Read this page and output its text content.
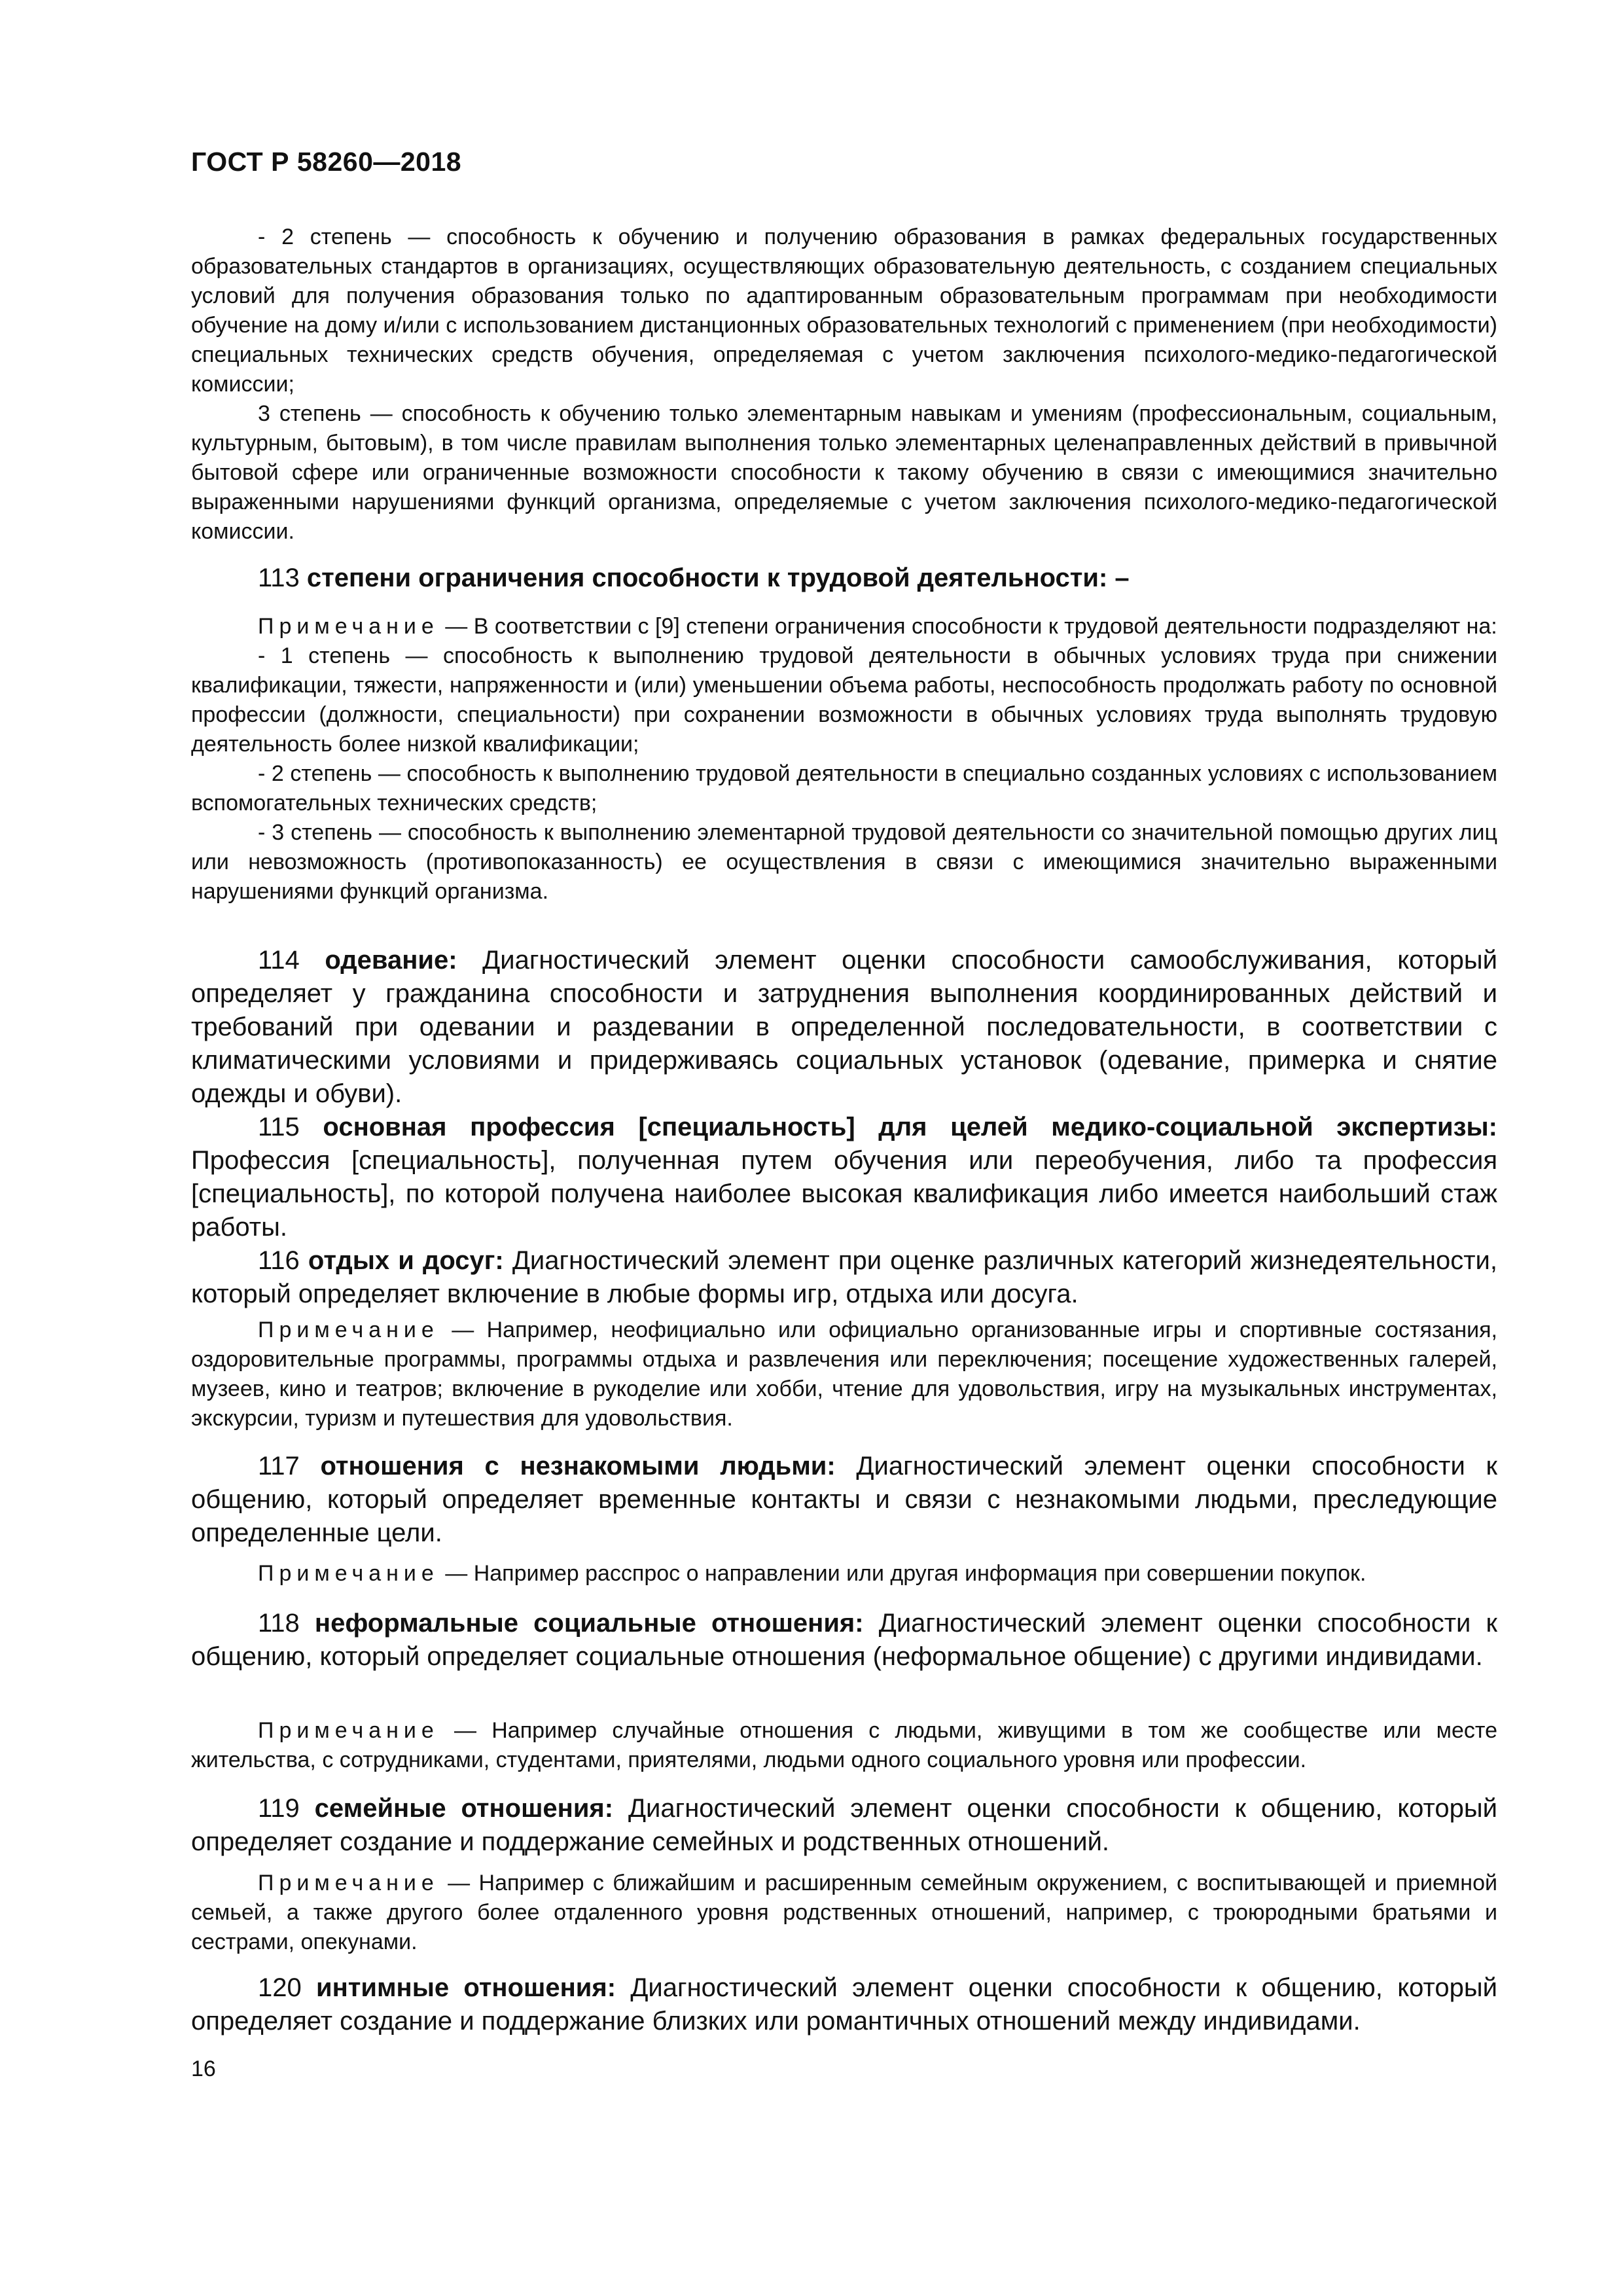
ГОСТ Р 58260—2018

- 2 степень — способность к обучению и получению образования в рамках федеральных государственных образовательных стандартов в организациях, осуществляющих образовательную деятельность, с созданием специальных условий для получения образования только по адаптированным образовательным программам при необходимости обучение на дому и/или с использованием дистанционных образовательных технологий с применением (при необходимости) специальных технических средств обучения, определяемая с учетом заключения психолого-медико-педагогической комиссии;

3 степень — способность к обучению только элементарным навыкам и умениям (профессиональным, социальным, культурным, бытовым), в том числе правилам выполнения только элементарных целенаправленных действий в привычной бытовой сфере или ограниченные возможности способности к такому обучению в связи с имеющимися значительно выраженными нарушениями функций организма, определяемые с учетом заключения психолого-медико-педагогической комиссии.

113 степени ограничения способности к трудовой деятельности: –

Примечание — В соответствии с [9] степени ограничения способности к трудовой деятельности подразделяют на:

- 1 степень — способность к выполнению трудовой деятельности в обычных условиях труда при снижении квалификации, тяжести, напряженности и (или) уменьшении объема работы, неспособность продолжать работу по основной профессии (должности, специальности) при сохранении возможности в обычных условиях труда выполнять трудовую деятельность более низкой квалификации;

- 2 степень — способность к выполнению трудовой деятельности в специально созданных условиях с использованием вспомогательных технических средств;

- 3 степень — способность к выполнению элементарной трудовой деятельности со значительной помощью других лиц или невозможность (противопоказанность) ее осуществления в связи с имеющимися значительно выраженными нарушениями функций организма.

114 одевание: Диагностический элемент оценки способности самообслуживания, который определяет у гражданина способности и затруднения выполнения координированных действий и требований при одевании и раздевании в определенной последовательности, в соответствии с климатическими условиями и придерживаясь социальных установок (одевание, примерка и снятие одежды и обуви).

115 основная профессия [специальность] для целей медико-социальной экспертизы: Профессия [специальность], полученная путем обучения или переобучения, либо та профессия [специальность], по которой получена наиболее высокая квалификация либо имеется наибольший стаж работы.

116 отдых и досуг: Диагностический элемент при оценке различных категорий жизнедеятельности, который определяет включение в любые формы игр, отдыха или досуга.

Примечание — Например, неофициально или официально организованные игры и спортивные состязания, оздоровительные программы, программы отдыха и развлечения или переключения; посещение художественных галерей, музеев, кино и театров; включение в рукоделие или хобби, чтение для удовольствия, игру на музыкальных инструментах, экскурсии, туризм и путешествия для удовольствия.

117 отношения с незнакомыми людьми: Диагностический элемент оценки способности к общению, который определяет временные контакты и связи с незнакомыми людьми, преследующие определенные цели.

Примечание — Например расспрос о направлении или другая информация при совершении покупок.

118 неформальные социальные отношения: Диагностический элемент оценки способности к общению, который определяет социальные отношения (неформальное общение) с другими индивидами.

Примечание — Например случайные отношения с людьми, живущими в том же сообществе или месте жительства, с сотрудниками, студентами, приятелями, людьми одного социального уровня или профессии.

119 семейные отношения: Диагностический элемент оценки способности к общению, который определяет создание и поддержание семейных и родственных отношений.

Примечание — Например с ближайшим и расширенным семейным окружением, с воспитывающей и приемной семьей, а также другого более отдаленного уровня родственных отношений, например, с троюродными братьями и сестрами, опекунами.

120 интимные отношения: Диагностический элемент оценки способности к общению, который определяет создание и поддержание близких или романтичных отношений между индивидами.

16
